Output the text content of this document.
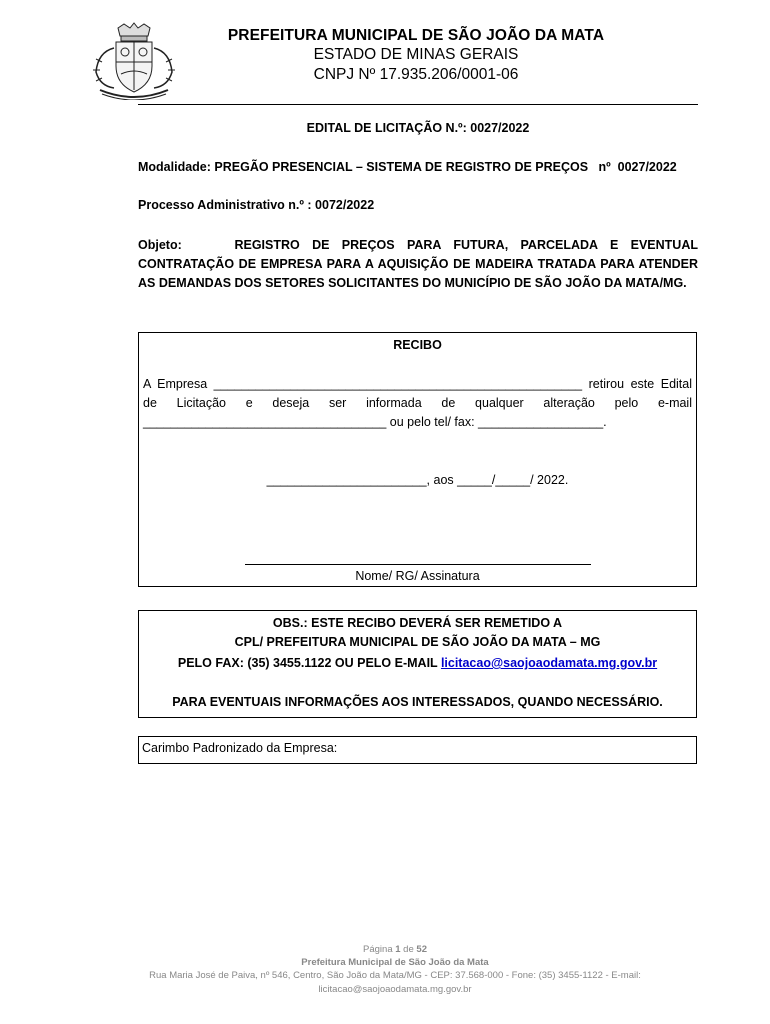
PREFEITURA MUNICIPAL DE SÃO JOÃO DA MATA
ESTADO DE MINAS GERAIS
CNPJ Nº 17.935.206/0001-06
EDITAL DE LICITAÇÃO N.º: 0027/2022
Modalidade: PREGÃO PRESENCIAL – SISTEMA DE REGISTRO DE PREÇOS   nº  0027/2022
Processo Administrativo n.º : 0072/2022
Objeto:	REGISTRO DE PREÇOS PARA FUTURA, PARCELADA E EVENTUAL CONTRATAÇÃO DE EMPRESA PARA A AQUISIÇÃO DE MADEIRA TRATADA PARA ATENDER AS DEMANDAS DOS SETORES SOLICITANTES DO MUNICÍPIO DE SÃO JOÃO DA MATA/MG.
RECIBO
A Empresa _____________________________________________________ retirou este Edital de Licitação e deseja ser informada de qualquer alteração pelo e-mail ___________________________________ ou pelo tel/ fax: __________________.
_______________________, aos _____/_____/ 2022.
Nome/ RG/ Assinatura
OBS.: ESTE RECIBO DEVERÁ SER REMETIDO A
CPL/ PREFEITURA MUNICIPAL DE SÃO JOÃO DA MATA – MG
PELO FAX: (35) 3455.1122 OU PELO E-MAIL licitacao@saojoaodamata.mg.gov.br
PARA EVENTUAIS INFORMAÇÕES AOS INTERESSADOS, QUANDO NECESSÁRIO.
Carimbo Padronizado da Empresa:
Página 1 de 52
Prefeitura Municipal de São João da Mata
Rua Maria José de Paiva, nº 546, Centro, São João da Mata/MG - CEP: 37.568-000 - Fone: (35) 3455-1122 - E-mail:
licitacao@saojoaodamata.mg.gov.br
